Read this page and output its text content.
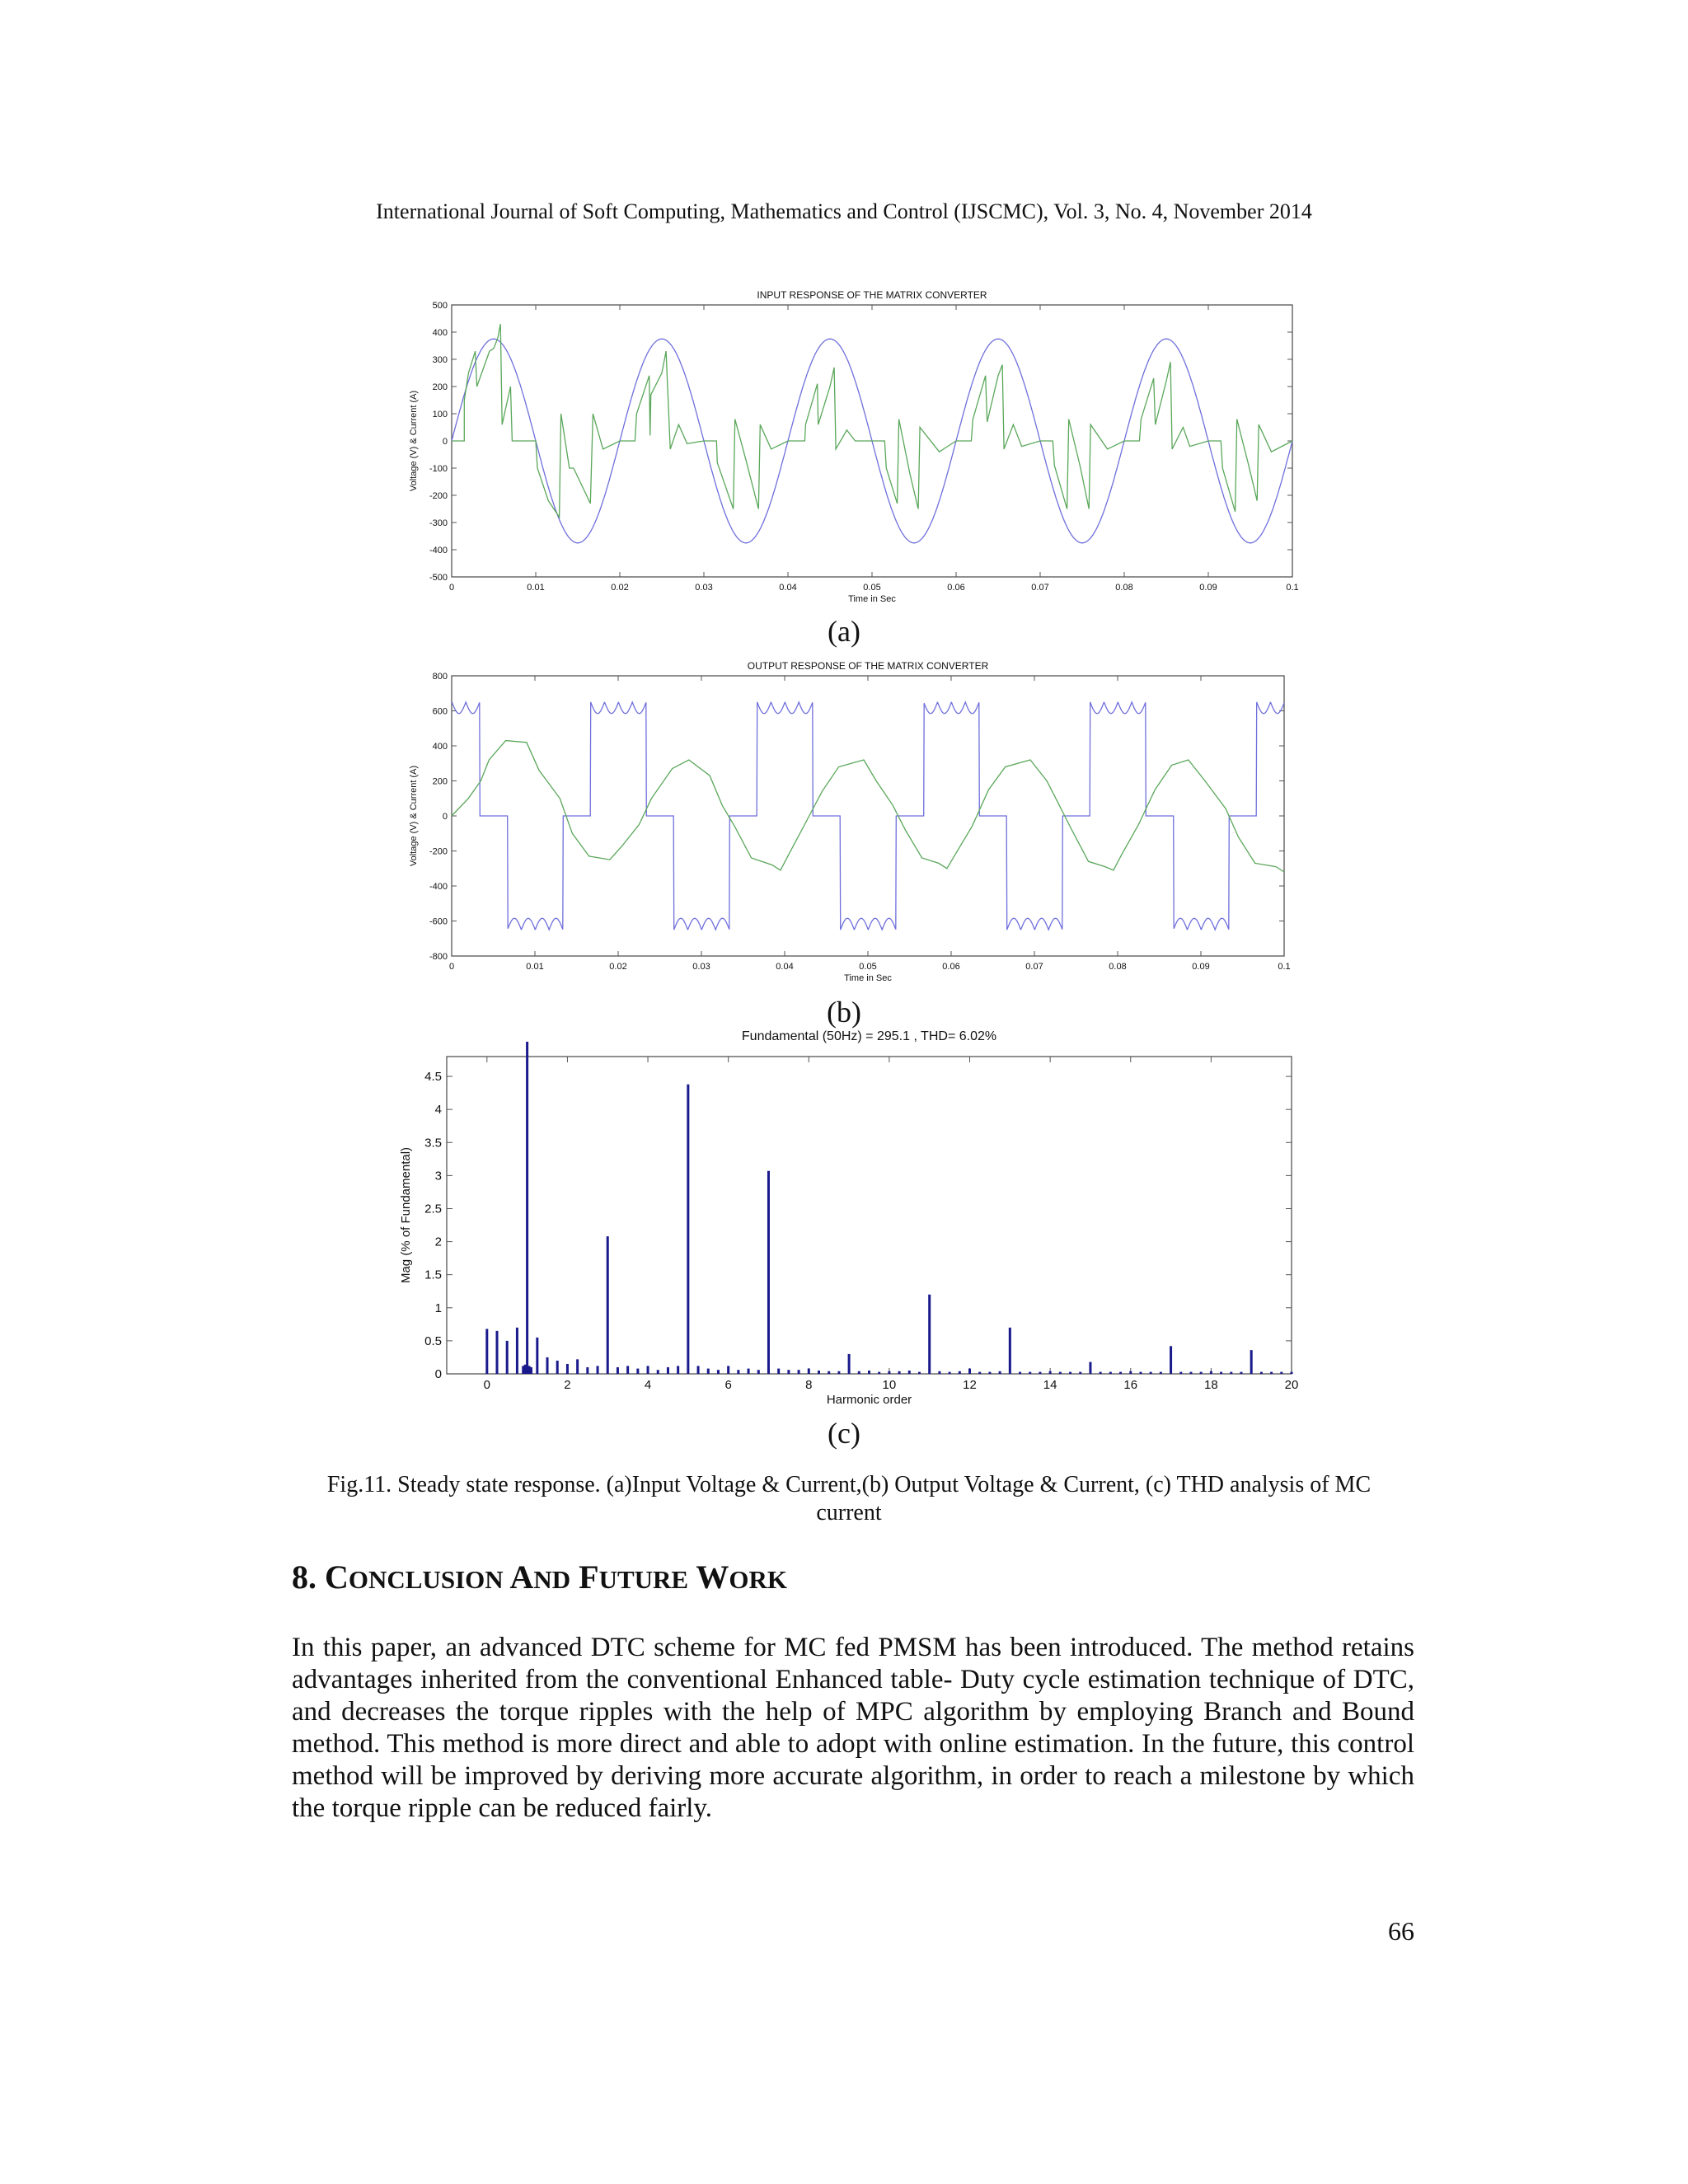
International Journal of Soft Computing, Mathematics and Control (IJSCMC), Vol. 3, No. 4, November 2014
INPUT RESPONSE OF THE MATRIX CONVERTER
0	0.01	0.02	0.03	0.04	0.05	0.06	0.07	0.08	0.09	0.1
500
400
300
200
100
0
-100
-200
-300
-400
-500
Time in Sec
Voltage (V) & Current (A)
(a)
OUTPUT RESPONSE OF THE MATRIX CONVERTER
0	0.01	0.02	0.03	0.04	0.05	0.06	0.07	0.08	0.09	0.1
800
600
400
200
0
-200
-400
-600
-800
Time in Sec
Voltage (V) & Current (A)
(b)
Fundamental (50Hz) = 295.1 , THD= 6.02%
0	2	4	6	8	10	12	14	16	18	20
4.5
4
3.5
3
2.5
2
1.5
1
0.5
0
Harmonic order
Mag (% of Fundamental)
(c)
Fig.11. Steady state response. (a)Input Voltage & Current,(b) Output Voltage & Current, (c) THD analysis of MC current
8. CONCLUSION AND FUTURE WORK
In this paper, an advanced DTC scheme for MC fed PMSM has been introduced. The method retains advantages inherited from the conventional Enhanced table- Duty cycle estimation technique of DTC, and decreases the torque ripples with the help of MPC algorithm by employing Branch and Bound method. This method is more direct and able to adopt with online estimation. In the future, this control method will be improved by deriving more accurate algorithm, in order to reach a milestone by which the torque ripple can be reduced fairly.
66
